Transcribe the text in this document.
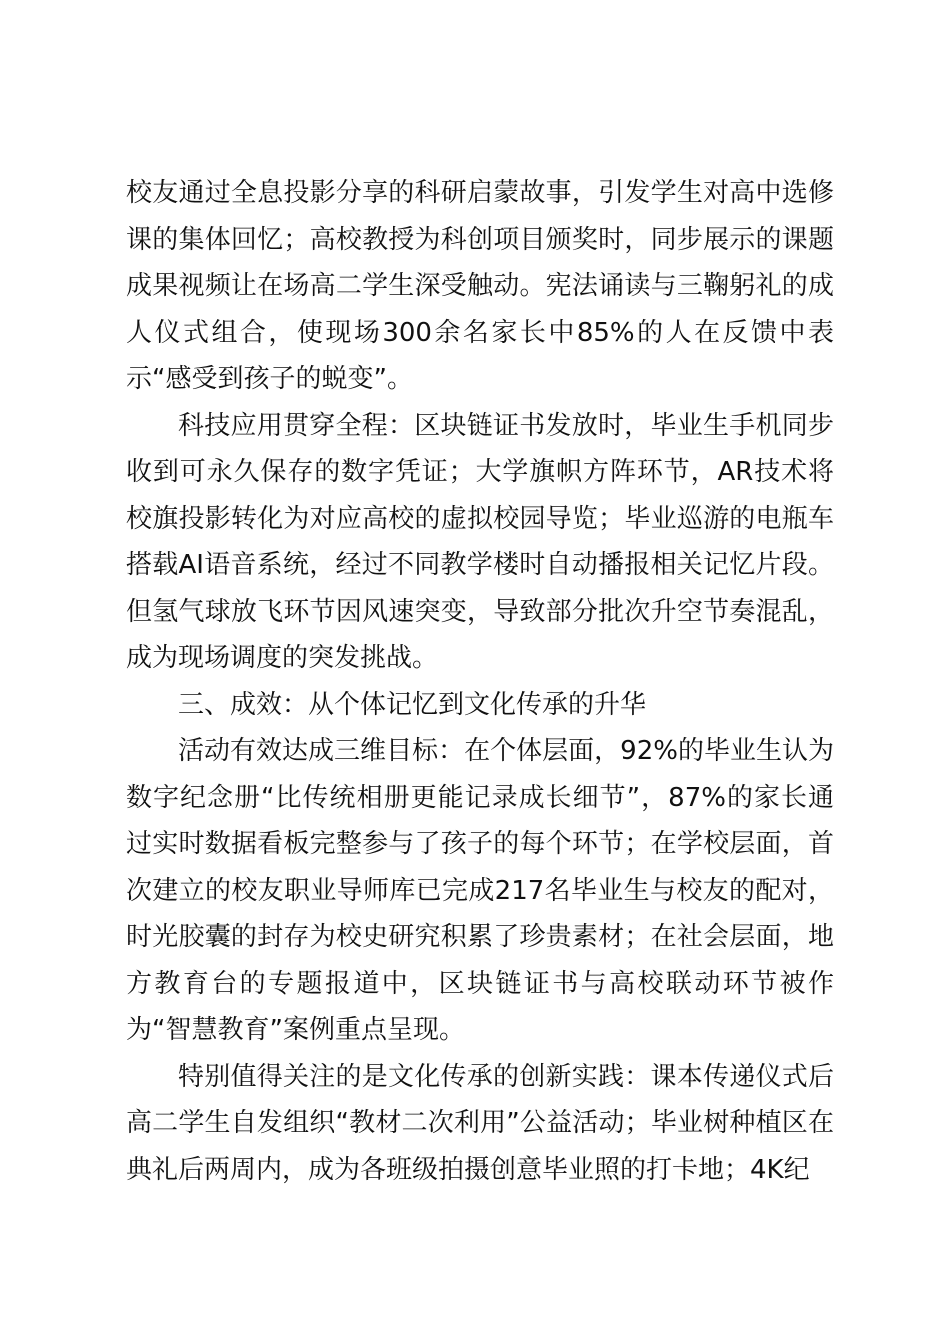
校友通过全息投影分享的科研启蒙故事，引发学生对高中选修课的集体回忆；高校教授为科创项目颁奖时，同步展示的课题成果视频让在场高二学生深受触动。宪法诵读与三鞠躬礼的成人仪式组合，使现场300余名家长中85%的人在反馈中表示“感受到孩子的蜕变”。

科技应用贯穿全程：区块链证书发放时，毕业生手机同步收到可永久保存的数字凭证；大学旗帜方阵环节，AR技术将校旗投影转化为对应高校的虚拟校园导览；毕业巡游的电瓶车搭载AI语音系统，经过不同教学楼时自动播报相关记忆片段。但氢气球放飞环节因风速突变，导致部分批次升空节奏混乱，成为现场调度的突发挑战。

三、成效：从个体记忆到文化传承的升华

活动有效达成三维目标：在个体层面，92%的毕业生认为数字纪念册“比传统相册更能记录成长细节”，87%的家长通过实时数据看板完整参与了孩子的每个环节；在学校层面，首次建立的校友职业导师库已完成217名毕业生与校友的配对，时光胶囊的封存为校史研究积累了珍贵素材；在社会层面，地方教育台的专题报道中，区块链证书与高校联动环节被作为“智慧教育”案例重点呈现。

特别值得关注的是文化传承的创新实践：课本传递仪式后高二学生自发组织“教材二次利用”公益活动；毕业树种植区在典礼后两周内，成为各班级拍摄创意毕业照的打卡地；4K纪
